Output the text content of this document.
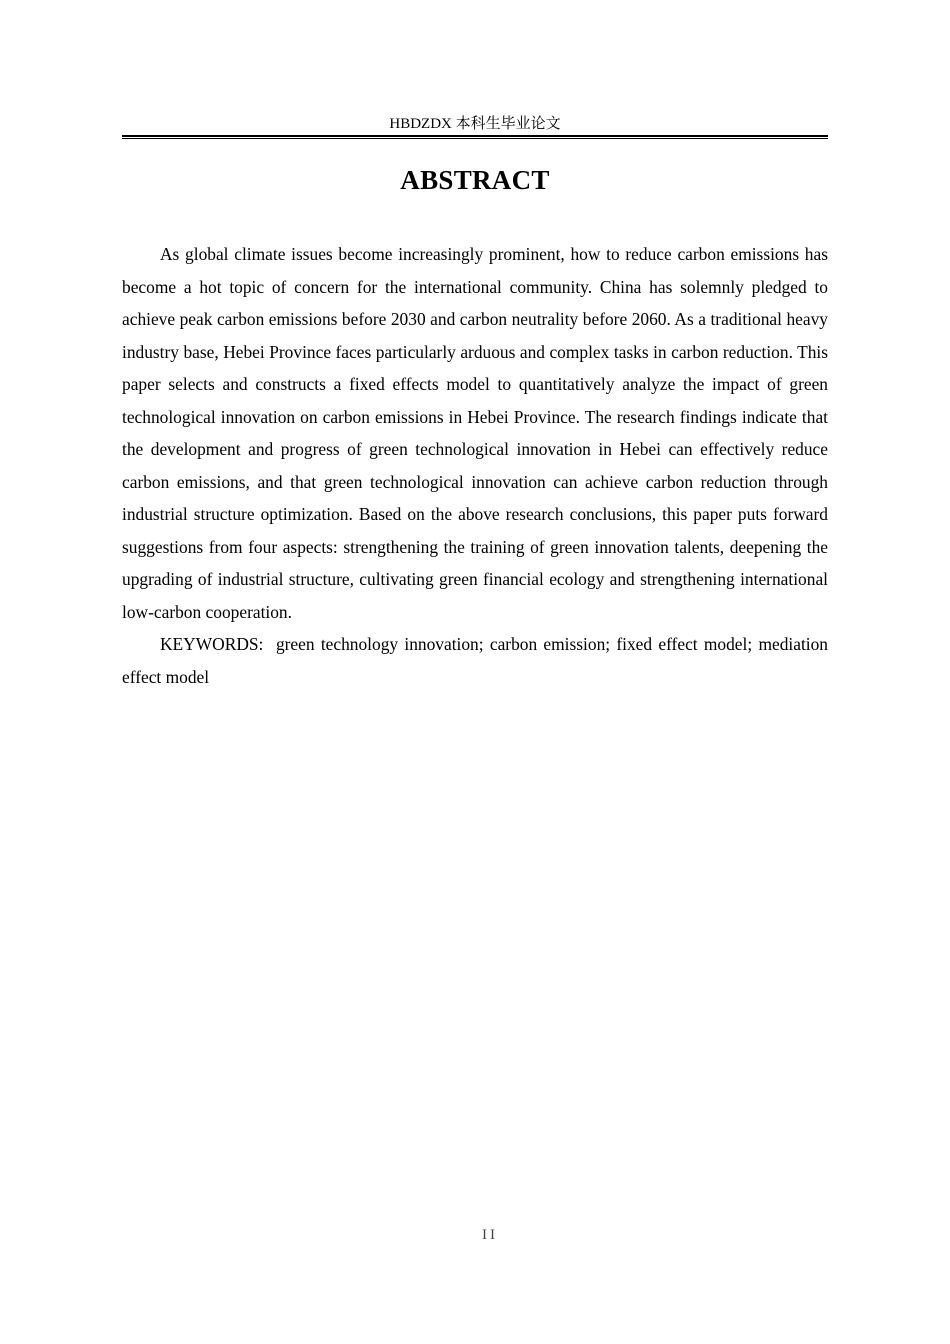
HBDZDX 本科生毕业论文
ABSTRACT

As global climate issues become increasingly prominent, how to reduce carbon emissions has become a hot topic of concern for the international community. China has solemnly pledged to achieve peak carbon emissions before 2030 and carbon neutrality before 2060. As a traditional heavy industry base, Hebei Province faces particularly arduous and complex tasks in carbon reduction. This paper selects and constructs a fixed effects model to quantitatively analyze the impact of green technological innovation on carbon emissions in Hebei Province. The research findings indicate that the development and progress of green technological innovation in Hebei can effectively reduce carbon emissions, and that green technological innovation can achieve carbon reduction through industrial structure optimization. Based on the above research conclusions, this paper puts forward suggestions from four aspects: strengthening the training of green innovation talents, deepening the upgrading of industrial structure, cultivating green financial ecology and strengthening international low-carbon cooperation.

KEYWORDS: green technology innovation; carbon emission; fixed effect model; mediation effect model

II
